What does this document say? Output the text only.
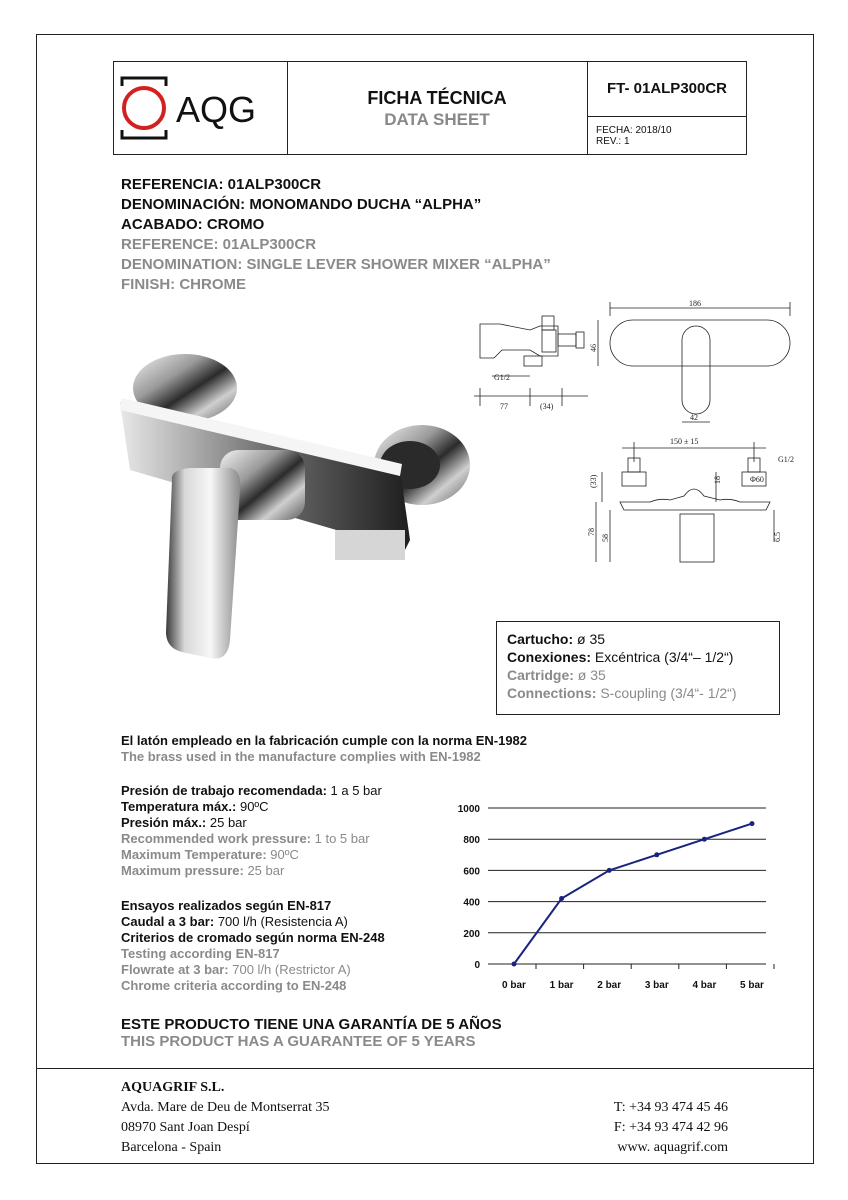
AQG	FICHA TÉCNICA
DATA SHEET
FT- 01ALP300CR
FECHA: 2018/10
REV.: 1
REFERENCIA: 01ALP300CR
DENOMINACIÓN: MONOMANDO DUCHA “ALPHA”
ACABADO: CROMO
REFERENCE: 01ALP300CR
DENOMINATION: SINGLE LEVER SHOWER MIXER “ALPHA”
FINISH: CHROME
186
46
G1/2
77	(34)
42
150 ± 15
G1/2
(33)	18	Φ60
78
58	6.5
Cartucho: ø 35
Conexiones: Excéntrica (3/4“– 1/2“)
Cartridge: ø 35
Connections: S-coupling (3/4“- 1/2“)
El latón empleado en la fabricación cumple con la norma EN-1982
The brass used in the manufacture complies with EN-1982
Presión de trabajo recomendada: 1 a 5 bar
Temperatura máx.: 90ºC
Presión máx.: 25 bar
Recommended work pressure: 1 to 5 bar
Maximum Temperature: 90ºC
Maximum pressure: 25 bar
Ensayos realizados según EN-817
Caudal a 3 bar: 700 l/h (Resistencia A)
Criterios de cromado según norma EN-248
Testing according EN-817
Flowrate at 3 bar: 700 l/h (Restrictor A)
Chrome criteria according to EN-248
0
200
400
600
800
1000
0 bar 1 bar 2 bar 3 bar 4 bar 5 bar
ESTE PRODUCTO TIENE UNA GARANTÍA DE 5 AÑOS
THIS PRODUCT HAS A GUARANTEE OF 5 YEARS
AQUAGRIF S.L.
Avda. Mare de Deu de Montserrat 35
08970 Sant Joan Despí
Barcelona - Spain
T: +34 93 474 45 46
F: +34 93 474 42 96
www. aquagrif.com
